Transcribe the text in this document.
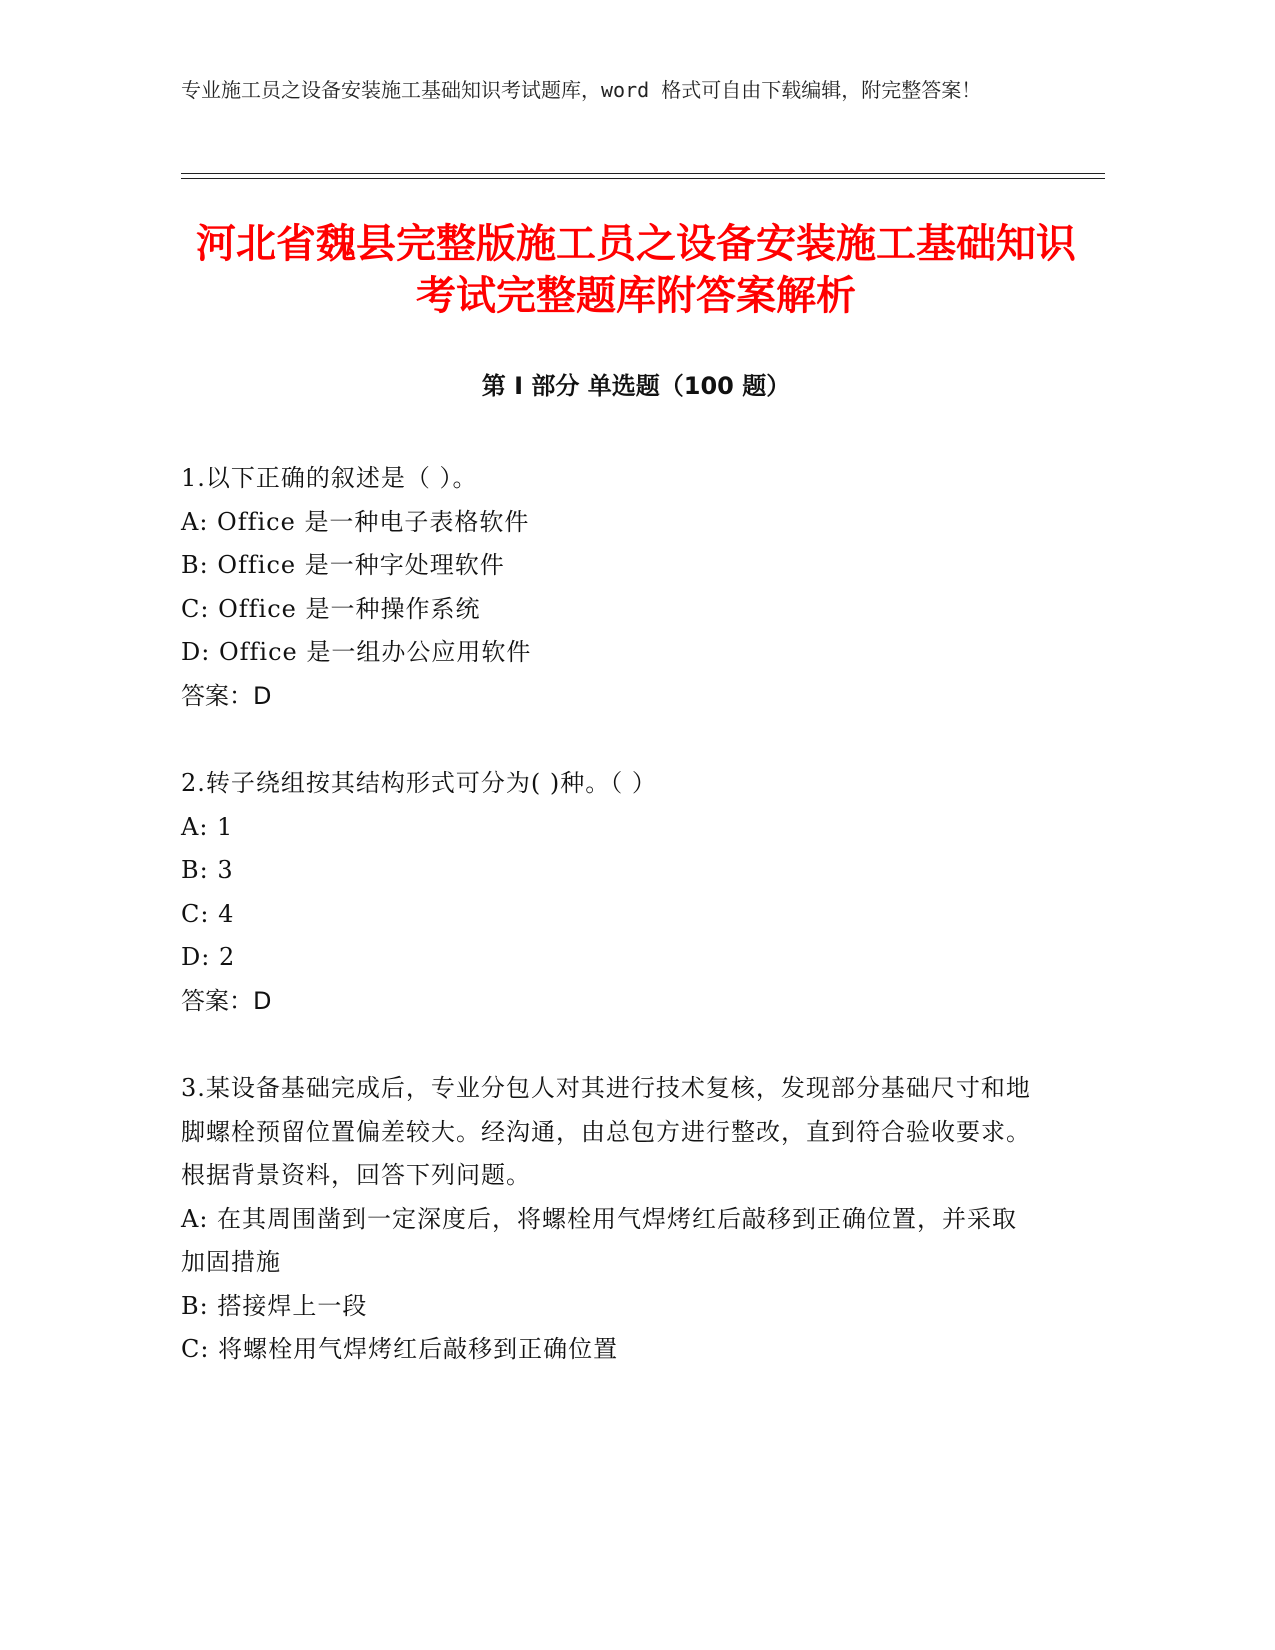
专业施工员之设备安装施工基础知识考试题库，word 格式可自由下载编辑，附完整答案！
河北省魏县完整版施工员之设备安装施工基础知识考试完整题库附答案解析
第 I 部分 单选题（100 题）
1.以下正确的叙述是（ ）。
A: Office 是一种电子表格软件
B: Office 是一种字处理软件
C: Office 是一种操作系统
D: Office 是一组办公应用软件
答案：D
2.转子绕组按其结构形式可分为( )种。（ ）
A: 1
B: 3
C: 4
D: 2
答案：D
3.某设备基础完成后，专业分包人对其进行技术复核，发现部分基础尺寸和地脚螺栓预留位置偏差较大。经沟通，由总包方进行整改，直到符合验收要求。根据背景资料，回答下列问题。
A: 在其周围凿到一定深度后，将螺栓用气焊烤红后敲移到正确位置，并采取加固措施
B: 搭接焊上一段
C: 将螺栓用气焊烤红后敲移到正确位置
